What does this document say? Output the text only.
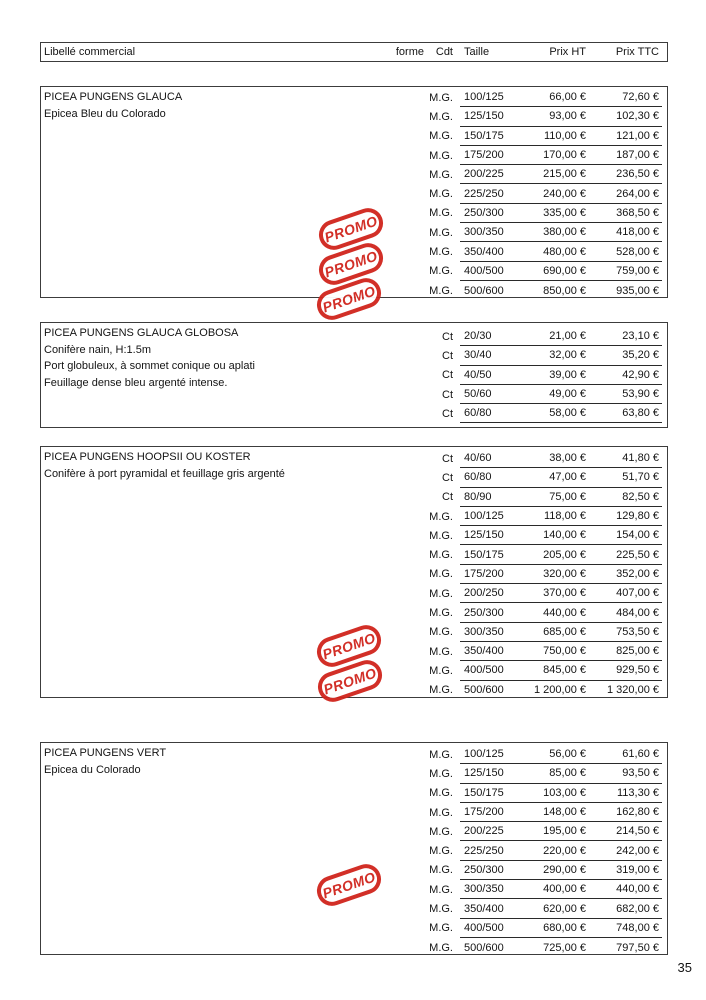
Libellé commercial	forme	Cdt	Taille	Prix HT	Prix TTC
PICEA PUNGENS GLAUCA
Epicea Bleu du Colorado
M.G.	100/125	66,00 €	72,60 €
M.G.	125/150	93,00 €	102,30 €
M.G.	150/175	110,00 €	121,00 €
M.G.	175/200	170,00 €	187,00 €
M.G.	200/225	215,00 €	236,50 €
M.G.	225/250	240,00 €	264,00 €
M.G.	250/300	335,00 €	368,50 €
M.G.	300/350	380,00 €	418,00 €
M.G.	350/400	480,00 €	528,00 €
M.G.	400/500	690,00 €	759,00 €
M.G.	500/600	850,00 €	935,00 €
PICEA PUNGENS GLAUCA GLOBOSA
Conifère nain, H:1.5m
Port globuleux, à sommet conique ou aplati
Feuillage dense bleu argenté intense.
Ct	20/30	21,00 €	23,10 €
Ct	30/40	32,00 €	35,20 €
Ct	40/50	39,00 €	42,90 €
Ct	50/60	49,00 €	53,90 €
Ct	60/80	58,00 €	63,80 €
PICEA PUNGENS HOOPSII OU KOSTER
Conifère à port pyramidal et feuillage gris argenté
Ct	40/60	38,00 €	41,80 €
Ct	60/80	47,00 €	51,70 €
Ct	80/90	75,00 €	82,50 €
M.G.	100/125	118,00 €	129,80 €
M.G.	125/150	140,00 €	154,00 €
M.G.	150/175	205,00 €	225,50 €
M.G.	175/200	320,00 €	352,00 €
M.G.	200/250	370,00 €	407,00 €
M.G.	250/300	440,00 €	484,00 €
M.G.	300/350	685,00 €	753,50 €
M.G.	350/400	750,00 €	825,00 €
M.G.	400/500	845,00 €	929,50 €
M.G.	500/600	1 200,00 €	1 320,00 €
PICEA PUNGENS VERT
Epicea du Colorado
M.G.	100/125	56,00 €	61,60 €
M.G.	125/150	85,00 €	93,50 €
M.G.	150/175	103,00 €	113,30 €
M.G.	175/200	148,00 €	162,80 €
M.G.	200/225	195,00 €	214,50 €
M.G.	225/250	220,00 €	242,00 €
M.G.	250/300	290,00 €	319,00 €
M.G.	300/350	400,00 €	440,00 €
M.G.	350/400	620,00 €	682,00 €
M.G.	400/500	680,00 €	748,00 €
M.G.	500/600	725,00 €	797,50 €
35
PROMO
PROMO
PROMO
PROMO
PROMO
PROMO
